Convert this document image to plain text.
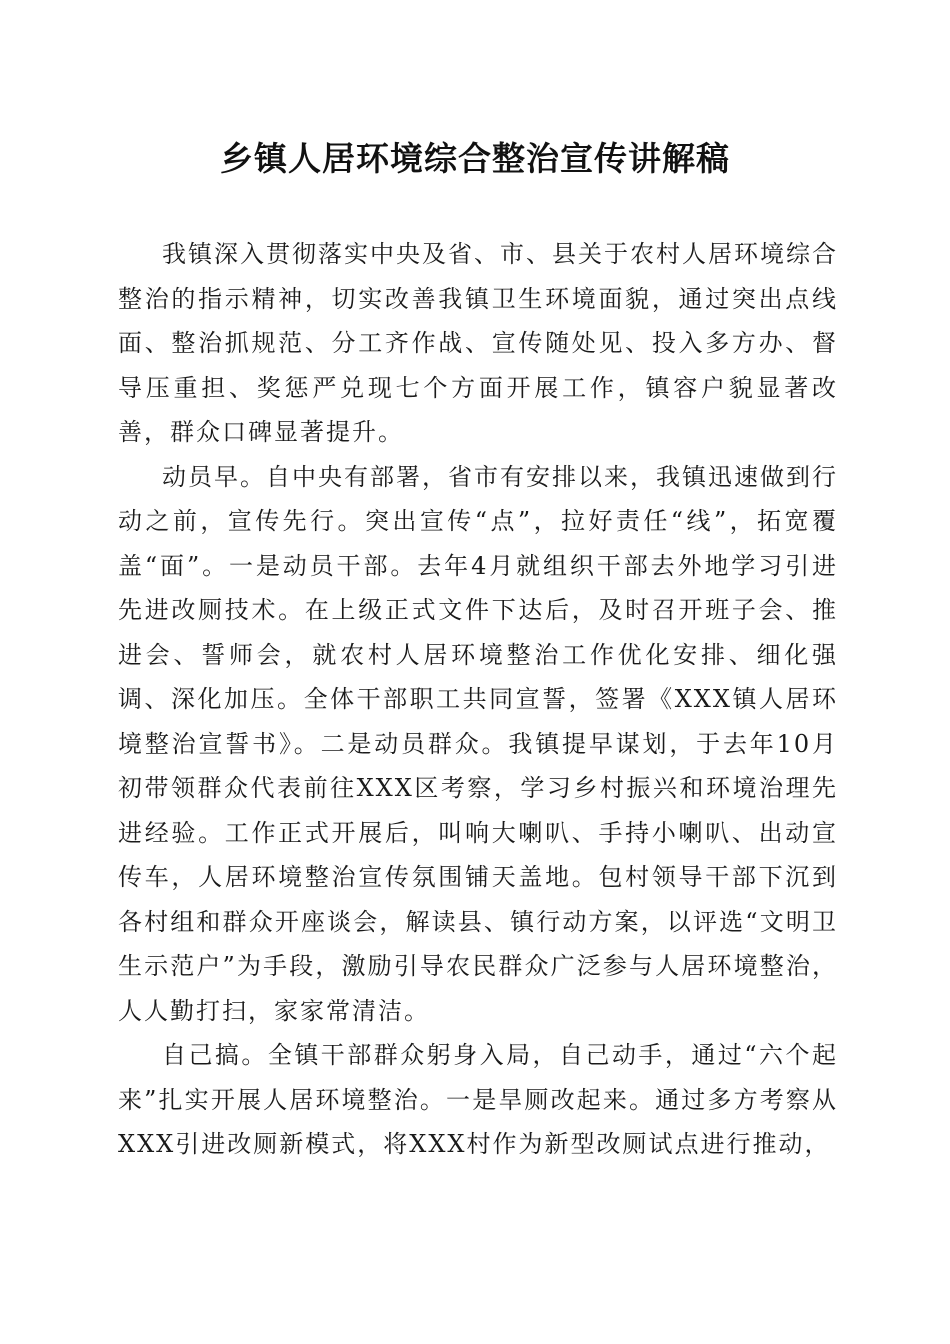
乡镇人居环境综合整治宣传讲解稿

我镇深入贯彻落实中央及省、市、县关于农村人居环境综合整治的指示精神，切实改善我镇卫生环境面貌，通过突出点线面、整治抓规范、分工齐作战、宣传随处见、投入多方办、督导压重担、奖惩严兑现七个方面开展工作，镇容户貌显著改善，群众口碑显著提升。

动员早。自中央有部署，省市有安排以来，我镇迅速做到行动之前，宣传先行。突出宣传“点”，拉好责任“线”，拓宽覆盖“面”。一是动员干部。去年4月就组织干部去外地学习引进先进改厕技术。在上级正式文件下达后，及时召开班子会、推进会、誓师会，就农村人居环境整治工作优化安排、细化强调、深化加压。全体干部职工共同宣誓，签署《XXX镇人居环境整治宣誓书》。二是动员群众。我镇提早谋划，于去年10月初带领群众代表前往XXX区考察，学习乡村振兴和环境治理先进经验。工作正式开展后，叫响大喇叭、手持小喇叭、出动宣传车，人居环境整治宣传氛围铺天盖地。包村领导干部下沉到各村组和群众开座谈会，解读县、镇行动方案，以评选“文明卫生示范户”为手段，激励引导农民群众广泛参与人居环境整治，人人勤打扫，家家常清洁。

自己搞。全镇干部群众躬身入局，自己动手，通过“六个起来”扎实开展人居环境整治。一是旱厕改起来。通过多方考察从XXX引进改厕新模式，将XXX村作为新型改厕试点进行推动，
